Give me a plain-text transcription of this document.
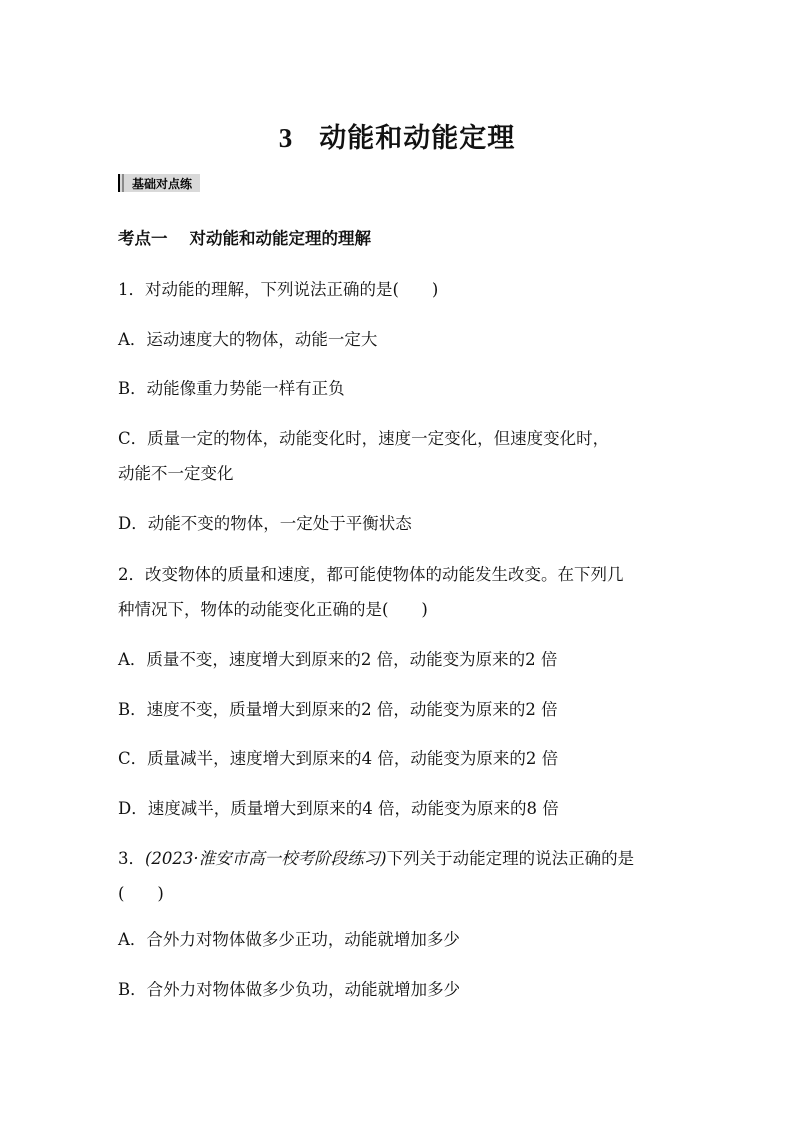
3 动能和动能定理
基础对点练
考点一 对动能和动能定理的理解
1．对动能的理解，下列说法正确的是(　　)
A．运动速度大的物体，动能一定大
B．动能像重力势能一样有正负
C．质量一定的物体，动能变化时，速度一定变化，但速度变化时，
动能不一定变化
D．动能不变的物体，一定处于平衡状态
2．改变物体的质量和速度，都可能使物体的动能发生改变。在下列几
种情况下，物体的动能变化正确的是(　　)
A．质量不变，速度增大到原来的2 倍，动能变为原来的2 倍
B．速度不变，质量增大到原来的2 倍，动能变为原来的2 倍
C．质量减半，速度增大到原来的4 倍，动能变为原来的2 倍
D．速度减半，质量增大到原来的4 倍，动能变为原来的8 倍
3．(2023·淮安市高一校考阶段练习)下列关于动能定理的说法正确的是
(　　)
A．合外力对物体做多少正功，动能就增加多少
B．合外力对物体做多少负功，动能就增加多少
